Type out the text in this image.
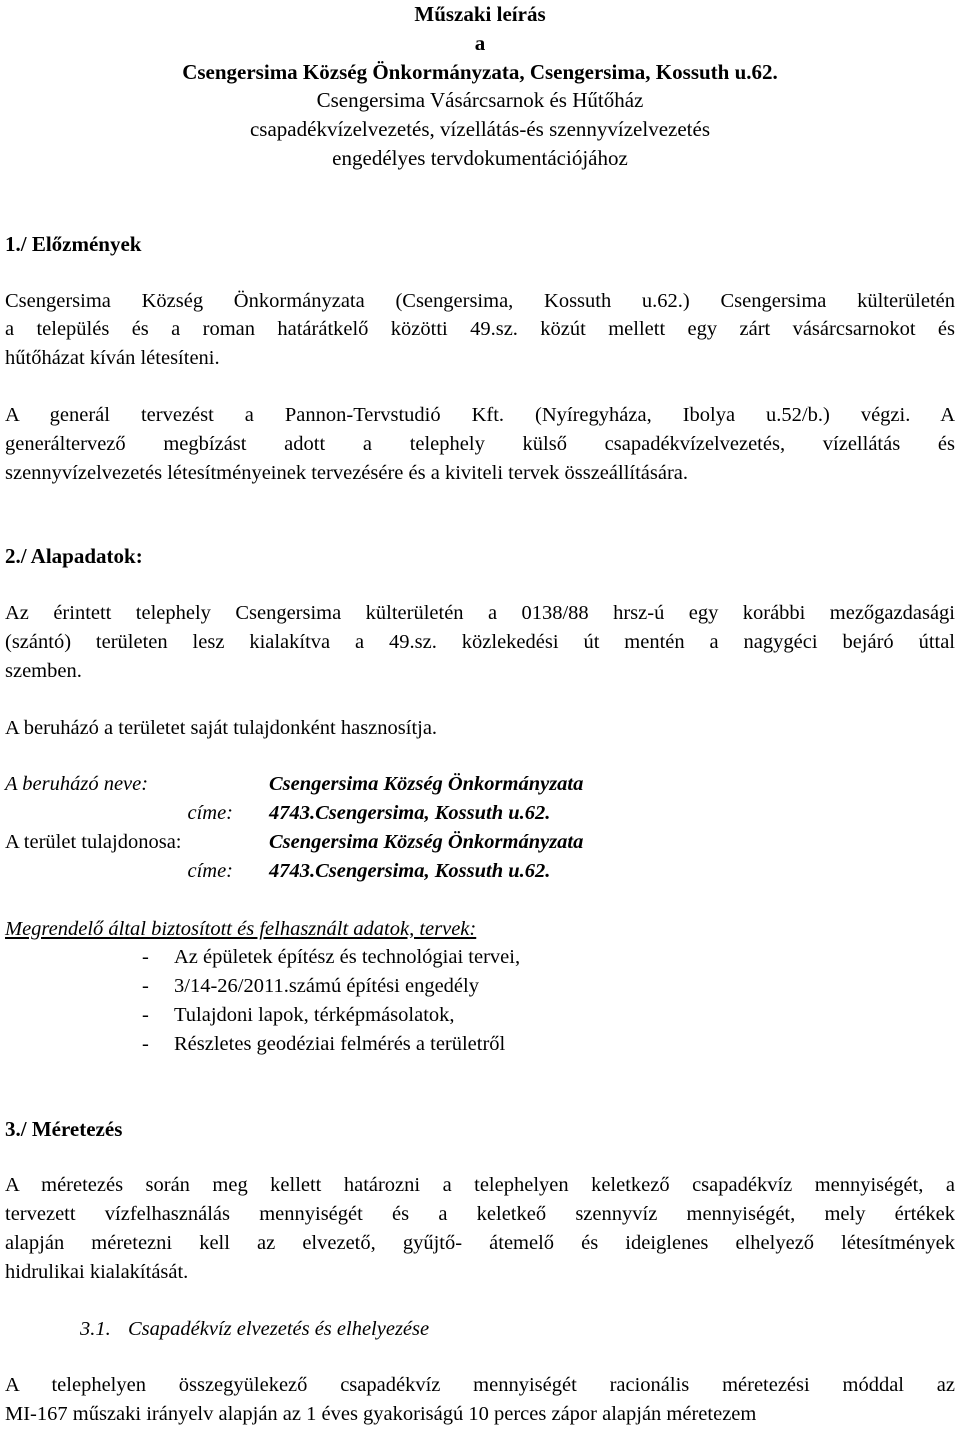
Műszaki leírás
a
Csengersima Község Önkormányzata, Csengersima, Kossuth u.62.
Csengersima Vásárcsarnok és Hűtőház
csapadékvízelvezetés, vízellátás-és szennyvízelvezetés
engedélyes tervdokumentációjához
1./ Előzmények

Csengersima Község Önkormányzata (Csengersima, Kossuth u.62.) Csengersima külterületén

a település és a roman határátkelő közötti 49.sz. közút mellett egy zárt vásárcsarnokot és

hűtőházat kíván létesíteni.

A generál tervezést a Pannon-Tervstudió Kft. (Nyíregyháza, Ibolya u.52/b.) végzi. A

generáltervező megbízást adott a telephely külső csapadékvízelvezetés, vízellátás és

szennyvízelvezetés létesítményeinek tervezésére és a kiviteli tervek összeállítására.

2./ Alapadatok:

Az érintett telephely Csengersima külterületén a 0138/88 hrsz-ú egy korábbi mezőgazdasági

(szántó) területen lesz kialakítva a 49.sz. közlekedési út mentén a nagygéci bejáró úttal

szemben.

A beruházó a területet saját tulajdonként hasznosítja.

A beruházó neve:	Csengersima Község Önkormányzata
címe:	4743.Csengersima, Kossuth u.62.
A terület tulajdonosa:	Csengersima Község Önkormányzata
címe:	4743.Csengersima, Kossuth u.62.
Megrendelő által biztosított és felhasznált adatok, tervek:
- Az épületek építész és technológiai tervei,
- 3/14-26/2011.számú építési engedély
- Tulajdoni lapok, térképmásolatok,
- Részletes geodéziai felmérés a területről
3./ Méretezés

A méretezés során meg kellett határozni a telephelyen keletkező csapadékvíz mennyiségét, a

tervezett vízfelhasználás mennyiségét és a keletkeő szennyvíz mennyiségét, mely értékek

alapján méretezni kell az elvezető, gyűjtő- átemelő és ideiglenes elhelyező létesítmények

hidrulikai kialakítását.

3.1. Csapadékvíz elvezetés és elhelyezése

A telephelyen összegyülekező csapadékvíz mennyiségét racionális méretezési móddal az

MI-167 műszaki irányelv alapján az 1 éves gyakoriságú 10 perces zápor alapján méretezem
